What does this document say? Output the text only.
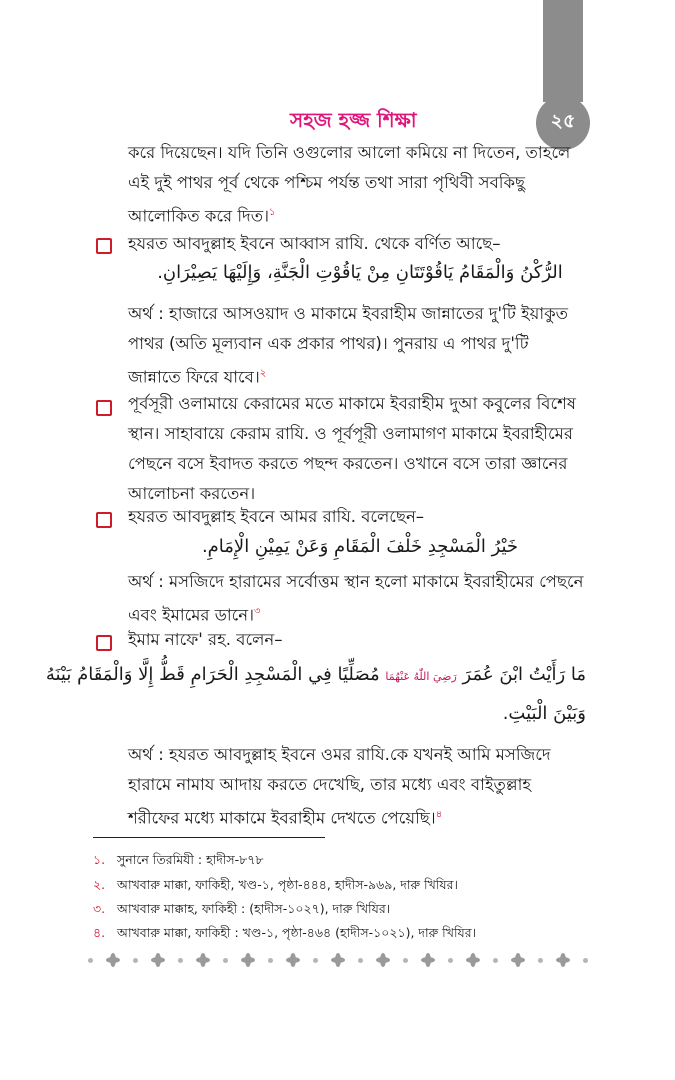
২৫
সহজ হজ্জ শিক্ষা
করে দিয়েছেন। যদি তিনি ওগুলোর আলো কমিয়ে না দিতেন, তাহলে এই দুই পাথর পূর্ব থেকে পশ্চিম পর্যন্ত তথা সারা পৃথিবী সবকিছু আলোকিত করে দিত।$^১$
হযরত আবদুল্লাহ ইবনে আব্বাস রাযি. থেকে বর্ণিত আছে–
الرُّكْنُ وَالْمَقَامُ يَاقُوْتَتَانِ مِنْ يَاقُوْتِ الْجَنَّةِ، وَإِلَيْهَا يَصِيْرَانِ.
অর্থ : হাজারে আসওয়াদ ও মাকামে ইবরাহীম জান্নাতের দু'টি ইয়াকুত পাথর (অতি মূল্যবান এক প্রকার পাথর)। পুনরায় এ পাথর দু'টি জান্নাতে ফিরে যাবে।$^২$
পূর্বসূরী ওলামায়ে কেরামের মতে মাকামে ইবরাহীম দুআ কবুলের বিশেষ স্থান। সাহাবায়ে কেরাম রাযি. ও পূর্বপূরী ওলামাগণ মাকামে ইবরাহীমের পেছনে বসে ইবাদত করতে পছন্দ করতেন। ওখানে বসে তারা জ্ঞানের আলোচনা করতেন।
হযরত আবদুল্লাহ ইবনে আমর রাযি. বলেছেন–
خَيْرُ الْمَسْجِدِ خَلْفَ الْمَقَامِ وَعَنْ يَمِيْنِ الْإِمَامِ.
অর্থ : মসজিদে হারামের সর্বোত্তম স্থান হলো মাকামে ইবরাহীমের পেছনে এবং ইমামের ডানে।$^৩$
ইমাম নাফে' রহ. বলেন–
مَا رَأَيْتُ ابْنَ عُمَرَ رَضِيَ اللّٰهُ عَنْهُمَا مُصَلِّيًا فِي الْمَسْجِدِ الْحَرَامِ قَطُّ إِلَّا وَالْمَقَامُ بَيْنَهُ
وَبَيْنَ الْبَيْتِ.
অর্থ : হযরত আবদুল্লাহ ইবনে ওমর রাযি.কে যখনই আমি মসজিদে হারামে নামায আদায় করতে দেখেছি, তার মধ্যে এবং বাইতুল্লাহ শরীফের মধ্যে মাকামে ইবরাহীম দেখতে পেয়েছি।$^৪$
১. সুনানে তিরমিযী : হাদীস-৮৭৮
২. আখবারু মাক্কা, ফাকিহী, খণ্ড-১, পৃষ্ঠা-৪৪৪, হাদীস-৯৬৯, দারু খিযির।
৩. আখবারু মাক্কাহ, ফাকিহী : (হাদীস-১০২৭), দারু খিযির।
৪. আখবারু মাক্কা, ফাকিহী : খণ্ড-১, পৃষ্ঠা-৪৬৪ (হাদীস-১০২১), দারু খিযির।
